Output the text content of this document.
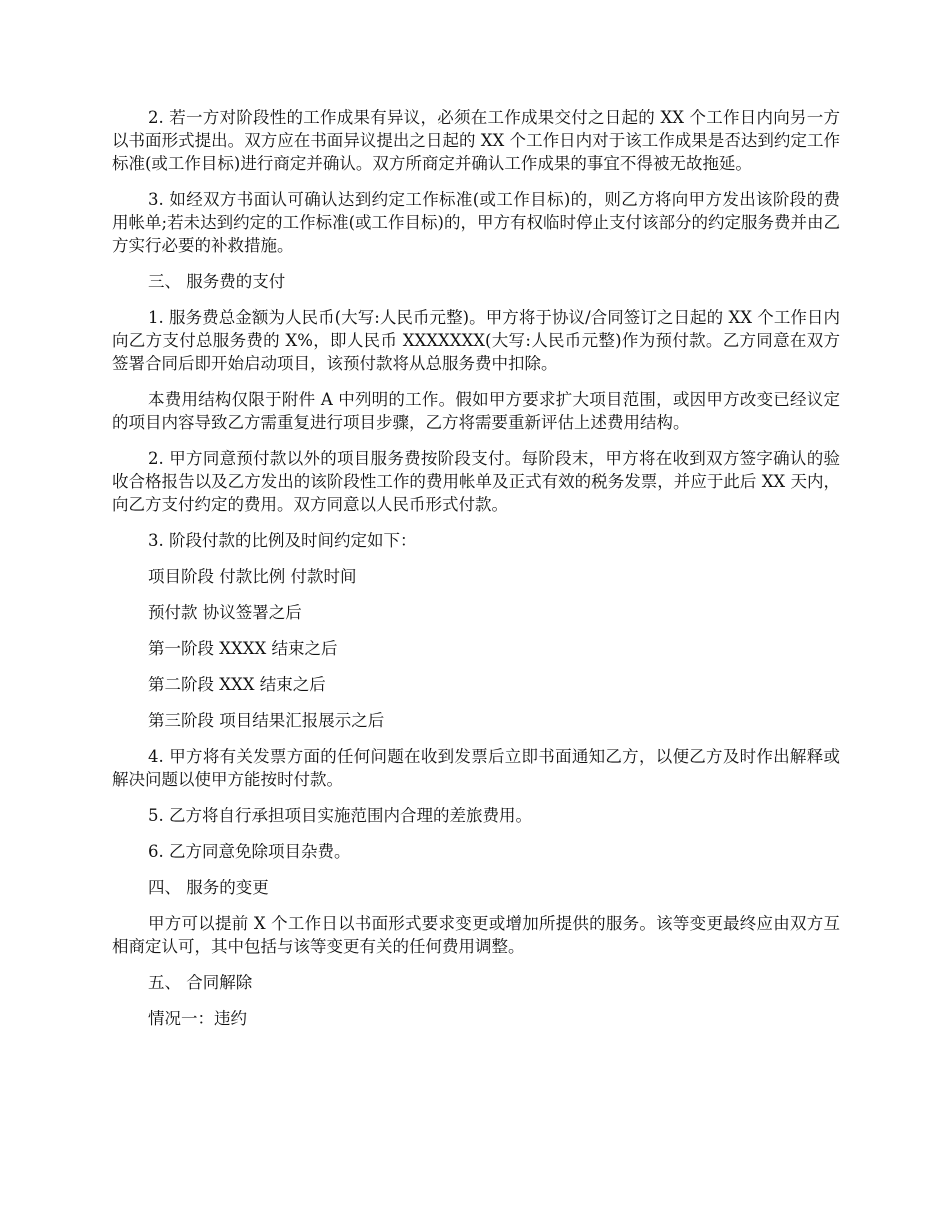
2. 若一方对阶段性的工作成果有异议，必须在工作成果交付之日起的 XX 个工作日内向另一方以书面形式提出。双方应在书面异议提出之日起的 XX 个工作日内对于该工作成果是否达到约定工作标准(或工作目标)进行商定并确认。双方所商定并确认工作成果的事宜不得被无故拖延。

3. 如经双方书面认可确认达到约定工作标准(或工作目标)的，则乙方将向甲方发出该阶段的费用帐单;若未达到约定的工作标准(或工作目标)的，甲方有权临时停止支付该部分的约定服务费并由乙方实行必要的补救措施。

三、 服务费的支付

1. 服务费总金额为人民币(大写:人民币元整)。甲方将于协议/合同签订之日起的 XX 个工作日内向乙方支付总服务费的 X%，即人民币 XXXXXXX(大写:人民币元整)作为预付款。乙方同意在双方签署合同后即开始启动项目，该预付款将从总服务费中扣除。

本费用结构仅限于附件 A 中列明的工作。假如甲方要求扩大项目范围，或因甲方改变已经议定的项目内容导致乙方需重复进行项目步骤，乙方将需要重新评估上述费用结构。

2. 甲方同意预付款以外的项目服务费按阶段支付。每阶段末，甲方将在收到双方签字确认的验收合格报告以及乙方发出的该阶段性工作的费用帐单及正式有效的税务发票，并应于此后 XX 天内，向乙方支付约定的费用。双方同意以人民币形式付款。

3. 阶段付款的比例及时间约定如下：

项目阶段 付款比例 付款时间

预付款 协议签署之后

第一阶段 XXXX 结束之后

第二阶段 XXX 结束之后

第三阶段 项目结果汇报展示之后

4. 甲方将有关发票方面的任何问题在收到发票后立即书面通知乙方，以便乙方及时作出解释或解决问题以使甲方能按时付款。

5. 乙方将自行承担项目实施范围内合理的差旅费用。

6. 乙方同意免除项目杂费。

四、 服务的变更

甲方可以提前 X 个工作日以书面形式要求变更或增加所提供的服务。该等变更最终应由双方互相商定认可，其中包括与该等变更有关的任何费用调整。

五、 合同解除

情况一：违约
